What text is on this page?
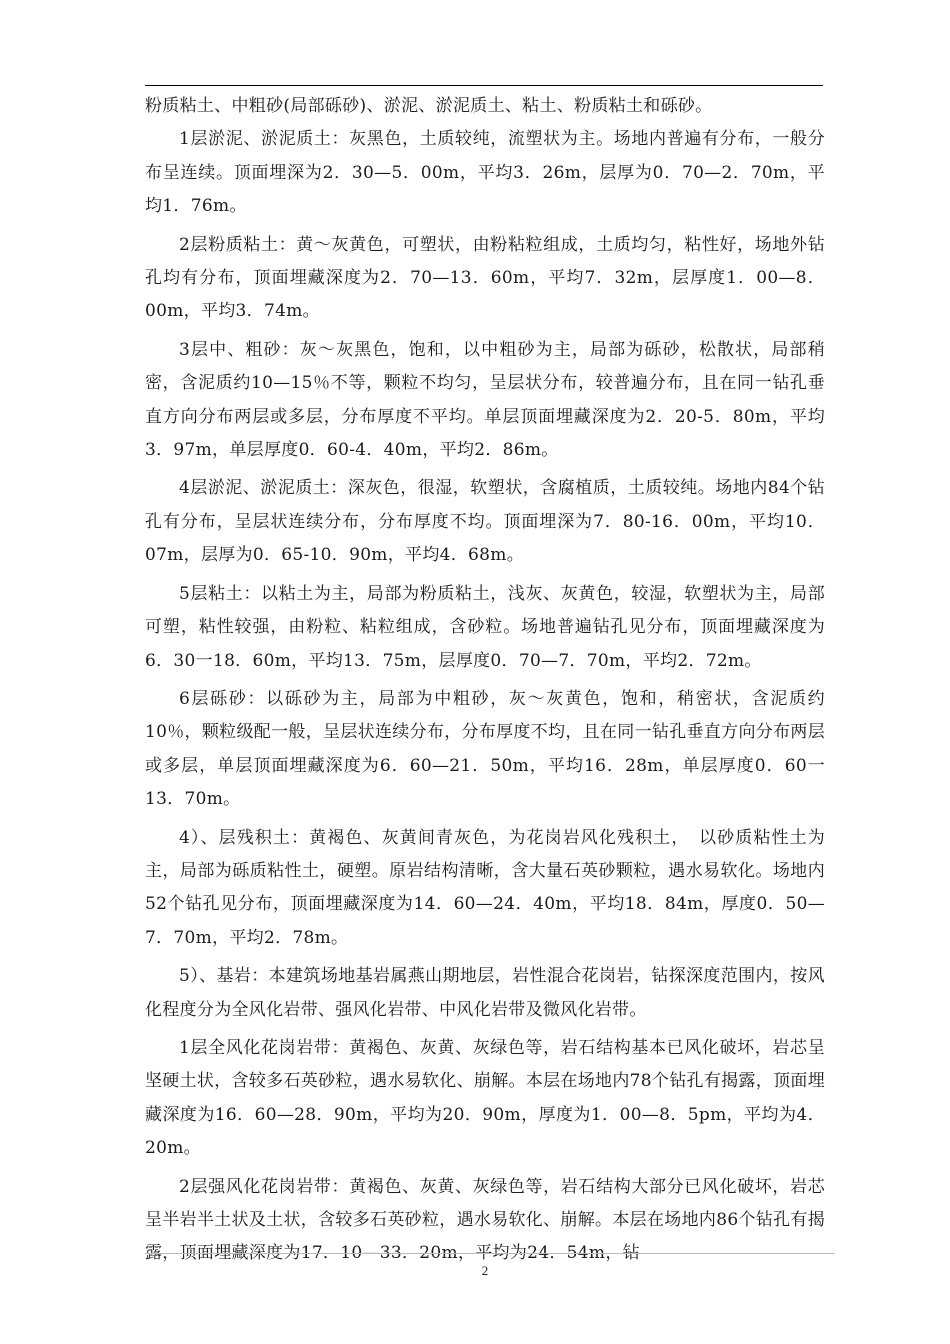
粉质粘土、中粗砂(局部砾砂)、淤泥、淤泥质土、粘土、粉质粘土和砾砂。

1层淤泥、淤泥质土：灰黑色，土质较纯，流塑状为主。场地内普遍有分布，一般分布呈连续。顶面埋深为2．30—5．00m，平均3．26m，层厚为0．70—2．70m，平均1．76m。

2层粉质粘土：黄～灰黄色，可塑状，由粉粘粒组成，土质均匀，粘性好，场地外钻孔均有分布，顶面埋藏深度为2．70—13．60m，平均7．32m，层厚度1．00—8．00m，平均3．74m。

3层中、粗砂：灰～灰黑色，饱和，以中粗砂为主，局部为砾砂，松散状，局部稍密，含泥质约10—15％不等，颗粒不均匀，呈层状分布，较普遍分布，且在同一钻孔垂直方向分布两层或多层，分布厚度不平均。单层顶面埋藏深度为2．20-5．80m，平均3．97m，单层厚度0．60-4．40m，平均2．86m。

4层淤泥、淤泥质土：深灰色，很湿，软塑状，含腐植质，土质较纯。场地内84个钻孔有分布，呈层状连续分布，分布厚度不均。顶面埋深为7．80-16．00m，平均10．07m，层厚为0．65-10．90m，平均4．68m。

5层粘土：以粘土为主，局部为粉质粘土，浅灰、灰黄色，较湿，软塑状为主，局部可塑，粘性较强，由粉粒、粘粒组成，含砂粒。场地普遍钻孔见分布，顶面埋藏深度为6．30一18．60m，平均13．75m，层厚度0．70—7．70m，平均2．72m。

6层砾砂：以砾砂为主，局部为中粗砂，灰～灰黄色，饱和，稍密状，含泥质约10％，颗粒级配一般，呈层状连续分布，分布厚度不均，且在同一钻孔垂直方向分布两层或多层，单层顶面埋藏深度为6．60—21．50m，平均16．28m，单层厚度0．60一13．70m。

4）、层残积土：黄褐色、灰黄间青灰色，为花岗岩风化残积土，　以砂质粘性土为主，局部为砾质粘性土，硬塑。原岩结构清晰，含大量石英砂颗粒，遇水易软化。场地内52个钻孔见分布，顶面埋藏深度为14．60—24．40m，平均18．84m，厚度0．50—7．70m，平均2．78m。

5）、基岩：本建筑场地基岩属燕山期地层，岩性混合花岗岩，钻探深度范围内，按风化程度分为全风化岩带、强风化岩带、中风化岩带及微风化岩带。

1层全风化花岗岩带：黄褐色、灰黄、灰绿色等，岩石结构基本已风化破坏，岩芯呈坚硬土状，含较多石英砂粒，遇水易软化、崩解。本层在场地内78个钻孔有揭露，顶面埋藏深度为16．60—28．90m，平均为20．90m，厚度为1．00—8．5pm，平均为4．20m。

2层强风化花岗岩带：黄褐色、灰黄、灰绿色等，岩石结构大部分已风化破坏，岩芯呈半岩半土状及土状，含较多石英砂粒，遇水易软化、崩解。本层在场地内86个钻孔有揭露，顶面埋藏深度为17．10—33．20m，平均为24．54m，钻

2
